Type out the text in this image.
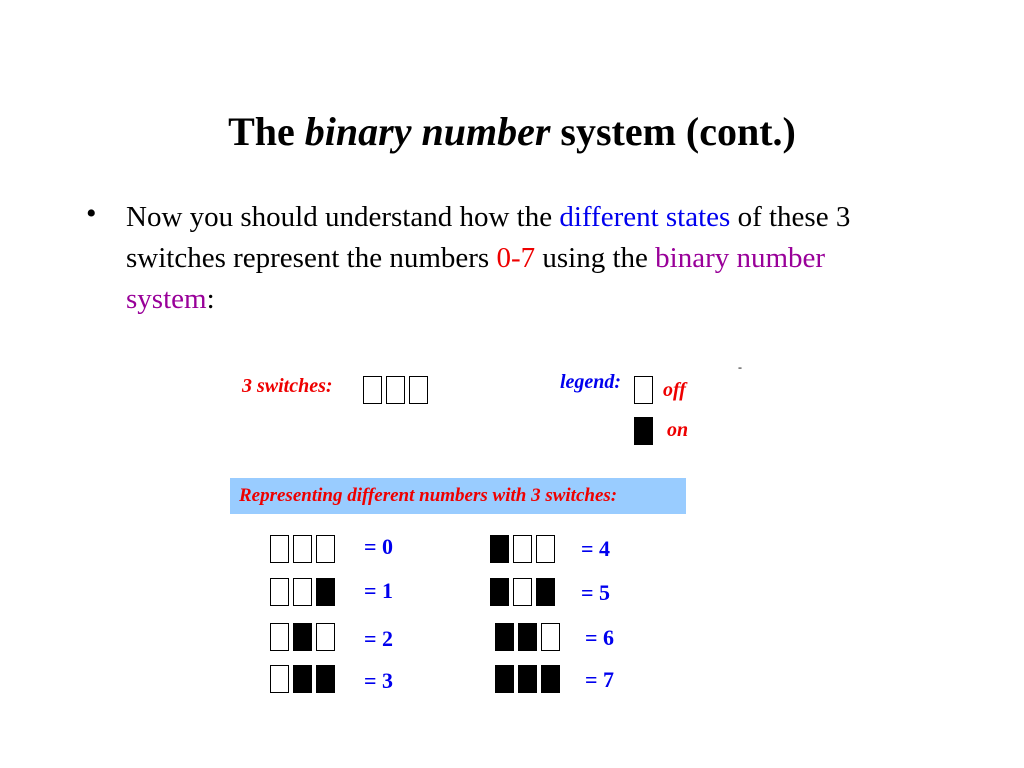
The binary number system (cont.)
• Now you should understand how the different states of these 3 switches represent the numbers 0-7 using the binary number system:
3 switches:	legend:
-
off
on
Representing different numbers with 3 switches:
= 0
= 1
= 2
= 3
= 4
= 5
= 6
= 7
